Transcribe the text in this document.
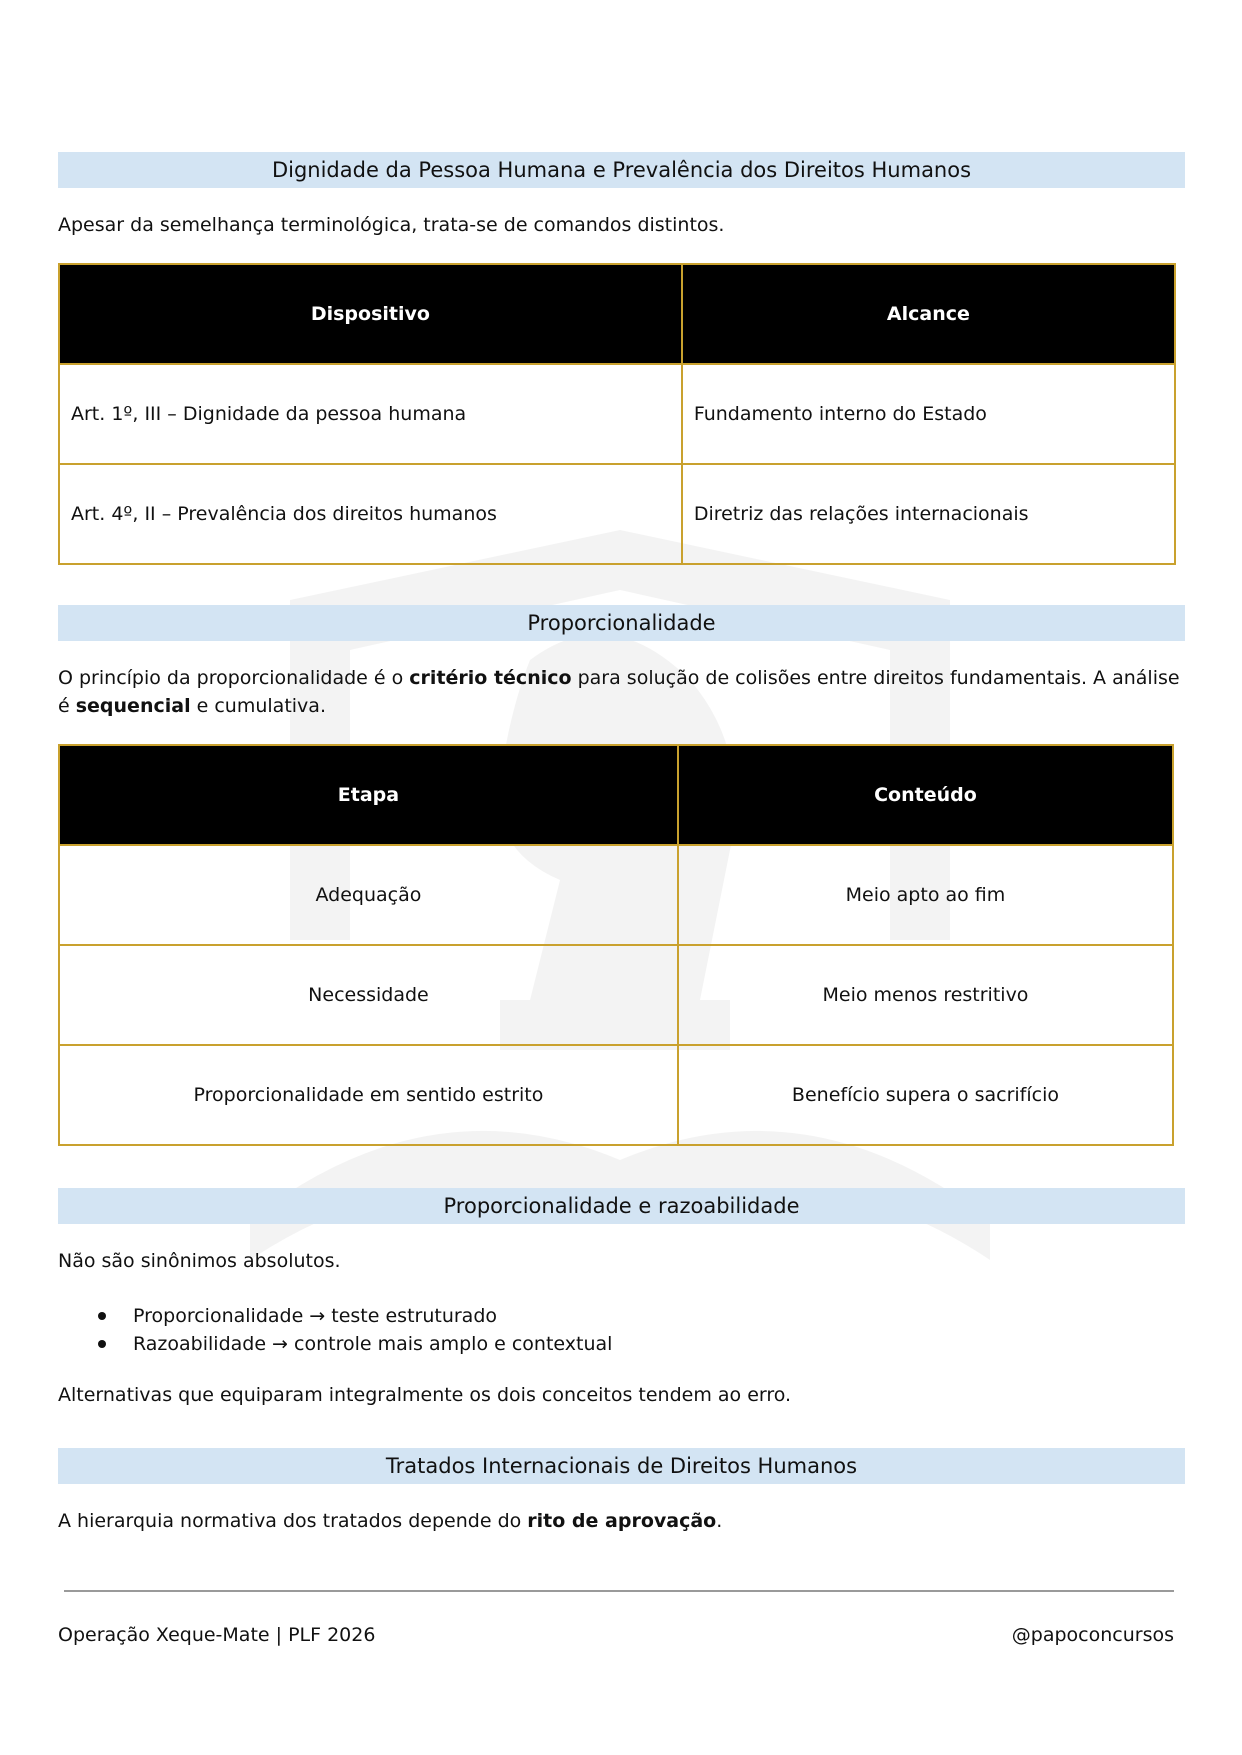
Dignidade da Pessoa Humana e Prevalência dos Direitos Humanos
Apesar da semelhança terminológica, trata-se de comandos distintos.
Dispositivo	Alcance
Art. 1º, III – Dignidade da pessoa humana	Fundamento interno do Estado
Art. 4º, II – Prevalência dos direitos humanos	Diretriz das relações internacionais
Proporcionalidade
O princípio da proporcionalidade é o critério técnico para solução de colisões entre direitos fundamentais. A análise é sequencial e cumulativa.
Etapa	Conteúdo
Adequação	Meio apto ao fim
Necessidade	Meio menos restritivo
Proporcionalidade em sentido estrito	Benefício supera o sacrifício
Proporcionalidade e razoabilidade
Não são sinônimos absolutos.
Proporcionalidade → teste estruturado
Razoabilidade → controle mais amplo e contextual
Alternativas que equiparam integralmente os dois conceitos tendem ao erro.
Tratados Internacionais de Direitos Humanos
A hierarquia normativa dos tratados depende do rito de aprovação.
Operação Xeque-Mate | PLF 2026	@papoconcursos
